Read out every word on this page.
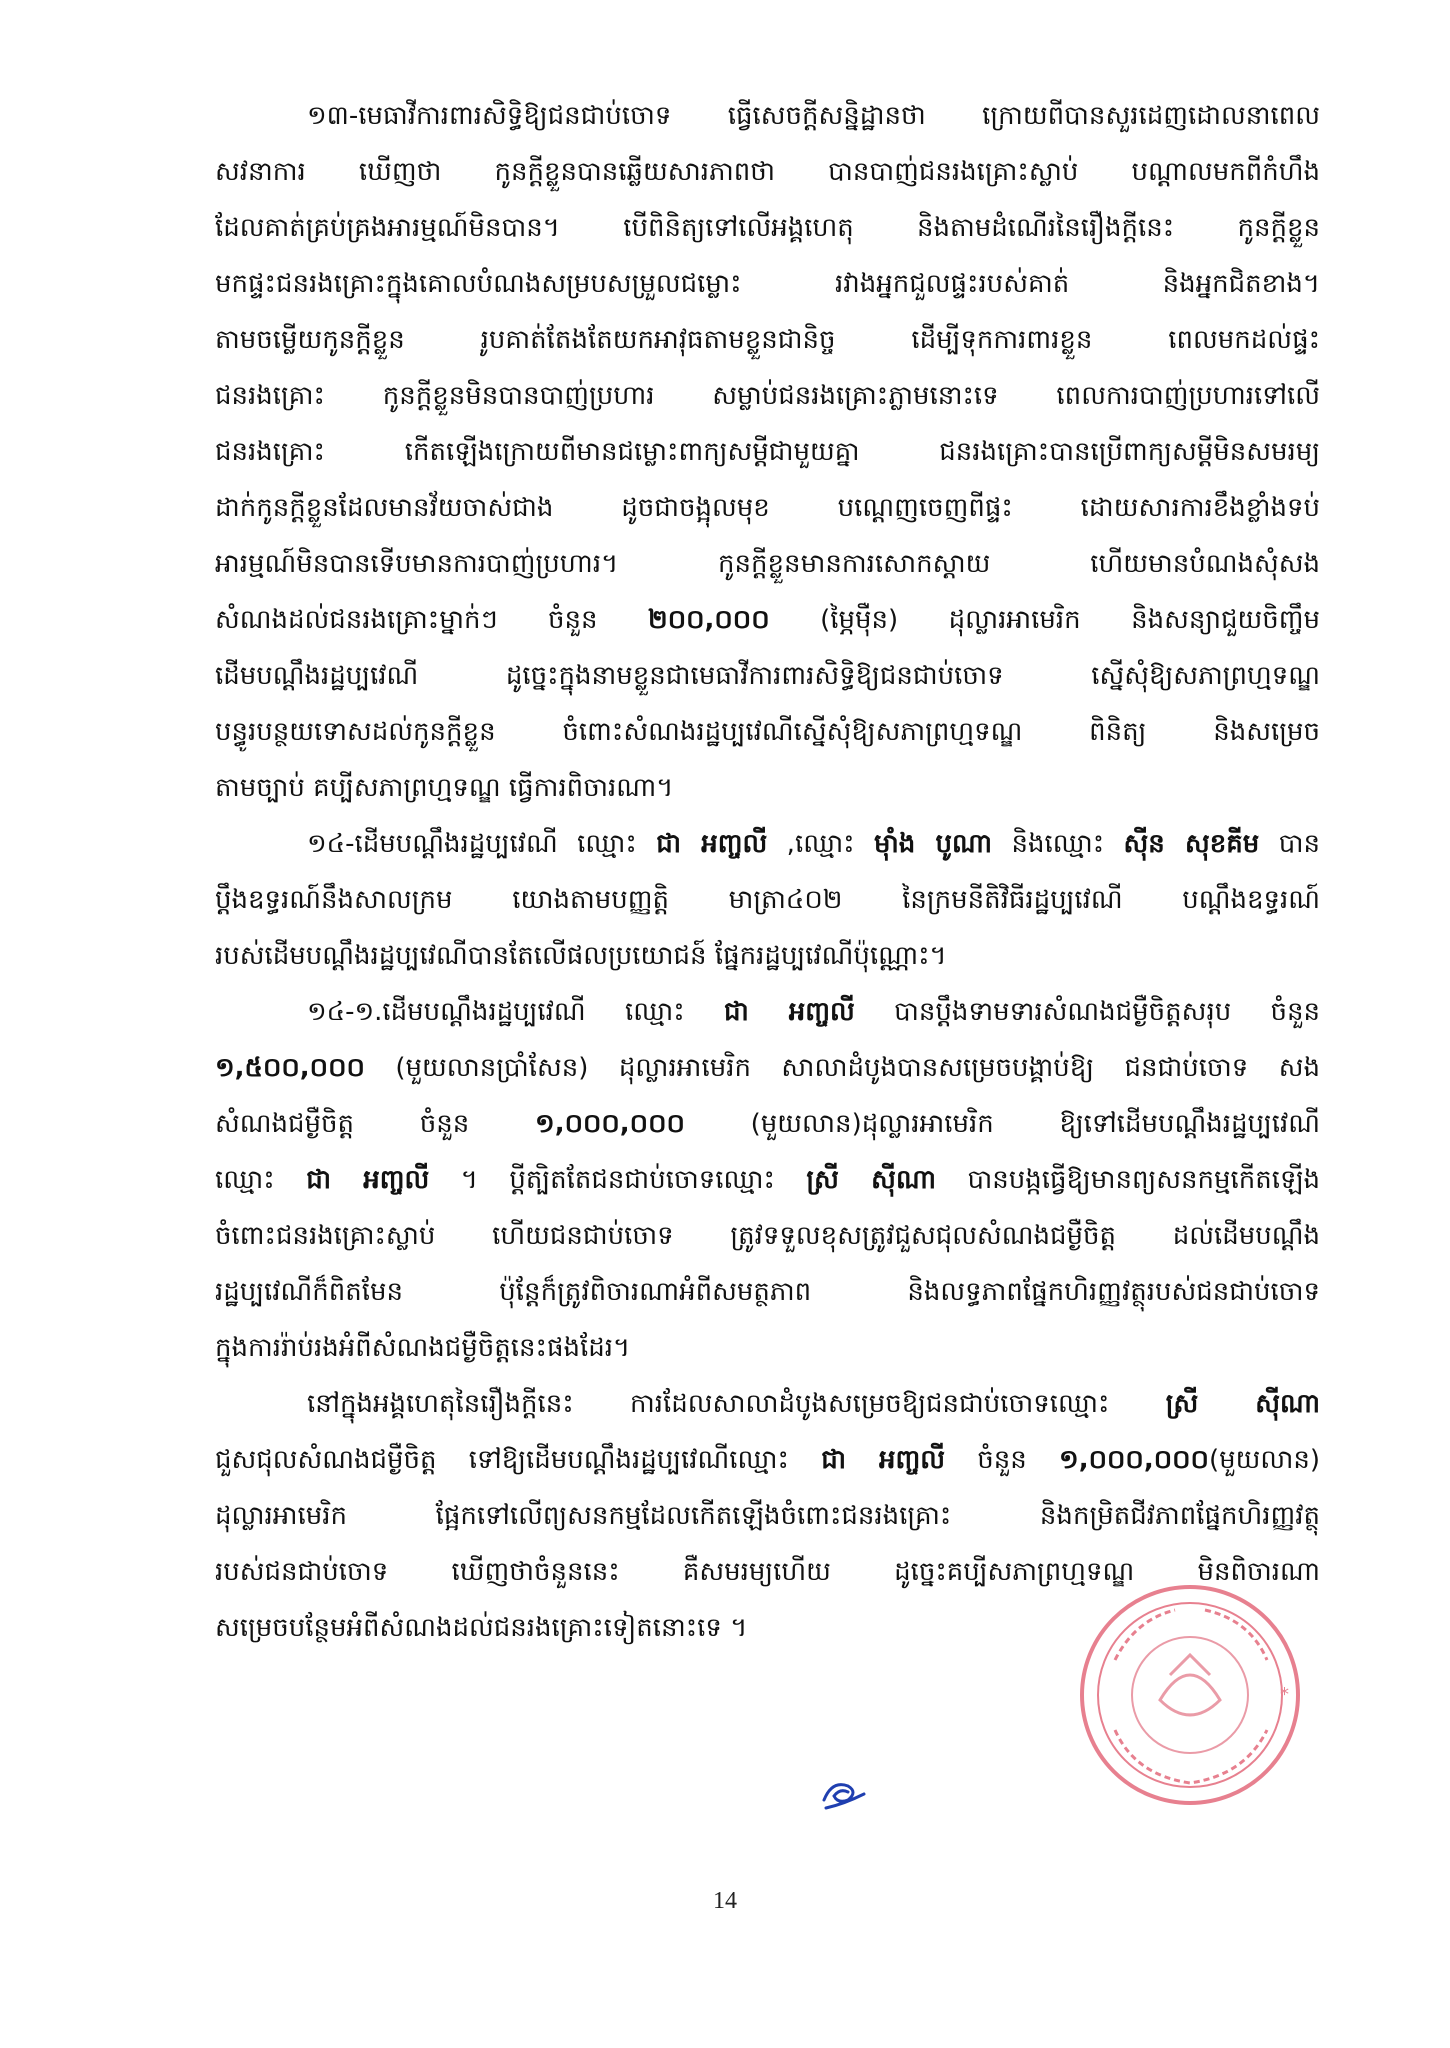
១៣-មេធាវីការពារសិទ្ធិឱ្យជនជាប់ចោទ ធ្វើសេចក្តីសន្និដ្ឋានថា ក្រោយពីបានសួរដេញដោលនាពេល
សវនាការ ឃើញថា កូនក្តីខ្លួនបានឆ្លើយសារភាពថា បានបាញ់ជនរងគ្រោះស្លាប់ បណ្តាលមកពីកំហឹង
ដែលគាត់គ្រប់គ្រងអារម្មណ៍មិនបាន។ បើពិនិត្យទៅលើអង្គហេតុ និងតាមដំណើរនៃរឿងក្តីនេះ កូនក្តីខ្លួន
មកផ្ទះជនរងគ្រោះក្នុងគោលបំណងសម្របសម្រួលជម្លោះ រវាងអ្នកជួលផ្ទះរបស់គាត់ និងអ្នកជិតខាង។
តាមចម្លើយកូនក្តីខ្លួន រូបគាត់តែងតែយកអាវុធតាមខ្លួនជានិច្ច ដើម្បីទុកការពារខ្លួន ពេលមកដល់ផ្ទះ
ជនរងគ្រោះ កូនក្តីខ្លួនមិនបានបាញ់ប្រហារ សម្លាប់ជនរងគ្រោះភ្លាមនោះទេ ពេលការបាញ់ប្រហារទៅលើ
ជនរងគ្រោះ កើតឡើងក្រោយពីមានជម្លោះពាក្យសម្តីជាមួយគ្នា ជនរងគ្រោះបានប្រើពាក្យសម្តីមិនសមរម្យ
ដាក់កូនក្តីខ្លួនដែលមានវ័យចាស់ជាង ដូចជាចង្អុលមុខ បណ្តេញចេញពីផ្ទះ ដោយសារការខឹងខ្លាំងទប់
អារម្មណ៍មិនបានទើបមានការបាញ់ប្រហារ។ កូនក្តីខ្លួនមានការសោកស្តាយ ហើយមានបំណងសុំសង
សំណងដល់ជនរងគ្រោះម្នាក់ៗ ចំនួន ២០០,០០០ (ម្ភៃម៉ឺន) ដុល្លារអាមេរិក និងសន្យាជួយចិញ្ចឹម
ដើមបណ្តឹងរដ្ឋប្បវេណី ដូច្នេះក្នុងនាមខ្លួនជាមេធាវីការពារសិទ្ធិឱ្យជនជាប់ចោទ ស្នើសុំឱ្យសភាព្រហ្មទណ្ឌ
បន្ធូរបន្ថយទោសដល់កូនក្តីខ្លួន ចំពោះសំណងរដ្ឋប្បវេណីស្នើសុំឱ្យសភាព្រហ្មទណ្ឌ ពិនិត្យ និងសម្រេច
តាមច្បាប់ គប្បីសភាព្រហ្មទណ្ឌ ធ្វើការពិចារណា។
១៤-ដើមបណ្តឹងរដ្ឋប្បវេណី ឈ្មោះ ជា អញ្ចលី ,ឈ្មោះ ម៉ាំង បូណា និងឈ្មោះ ស៊ីន សុខគីម បាន
ប្តឹងឧទ្ធរណ៍នឹងសាលក្រម យោងតាមបញ្ញត្តិ មាត្រា៤០២ នៃក្រមនីតិវិធីរដ្ឋប្បវេណី បណ្តឹងឧទ្ធរណ៍
របស់ដើមបណ្តឹងរដ្ឋប្បវេណីបានតែលើផលប្រយោជន៍ ផ្នែករដ្ឋប្បវេណីប៉ុណ្ណោះ។
១៤-១.ដើមបណ្តឹងរដ្ឋប្បវេណី ឈ្មោះ ជា អញ្ចលី បានប្តឹងទាមទារសំណងជម្ងឺចិត្តសរុប ចំនួន
១,៥០០,០០០ (មួយលានប្រាំសែន) ដុល្លារអាមេរិក សាលាដំបូងបានសម្រេចបង្គាប់ឱ្យ ជនជាប់ចោទ សង
សំណងជម្ងឺចិត្ត ចំនួន ១,០០០,០០០ (មួយលាន)ដុល្លារអាមេរិក ឱ្យទៅដើមបណ្តឹងរដ្ឋប្បវេណី
ឈ្មោះ ជា អញ្ចលី ។ ប្តីត្បិតតែជនជាប់ចោទឈ្មោះ ស្រី ស៊ីណា បានបង្កធ្វើឱ្យមានព្យសនកម្មកើតឡើង
ចំពោះជនរងគ្រោះស្លាប់ ហើយជនជាប់ចោទ ត្រូវទទួលខុសត្រូវជួសជុលសំណងជម្ងឺចិត្ត ដល់ដើមបណ្តឹង
រដ្ឋប្បវេណីក៏ពិតមែន ប៉ុន្តែក៏ត្រូវពិចារណាអំពីសមត្ថភាព និងលទ្ធភាពផ្នែកហិរញ្ញវត្ថុរបស់ជនជាប់ចោទ
ក្នុងការរ៉ាប់រងអំពីសំណងជម្ងឺចិត្តនេះផងដែរ។
នៅក្នុងអង្គហេតុនៃរឿងក្តីនេះ ការដែលសាលាដំបូងសម្រេចឱ្យជនជាប់ចោទឈ្មោះ ស្រី ស៊ីណា
ជួសជុលសំណងជម្ងឺចិត្ត ទៅឱ្យដើមបណ្តឹងរដ្ឋប្បវេណីឈ្មោះ ជា អញ្ចលី ចំនួន ១,០០០,០០០(មួយលាន)
ដុល្លារអាមេរិក ផ្អែកទៅលើព្យសនកម្មដែលកើតឡើងចំពោះជនរងគ្រោះ និងកម្រិតជីវភាពផ្នែកហិរញ្ញវត្ថុ
របស់ជនជាប់ចោទ ឃើញថាចំនួននេះ គឺសមរម្យហើយ ដូច្នេះគប្បីសភាព្រហ្មទណ្ឌ មិនពិចារណា
សម្រេចបន្ថែមអំពីសំណងដល់ជនរងគ្រោះទៀតនោះទេ ។
*
14
